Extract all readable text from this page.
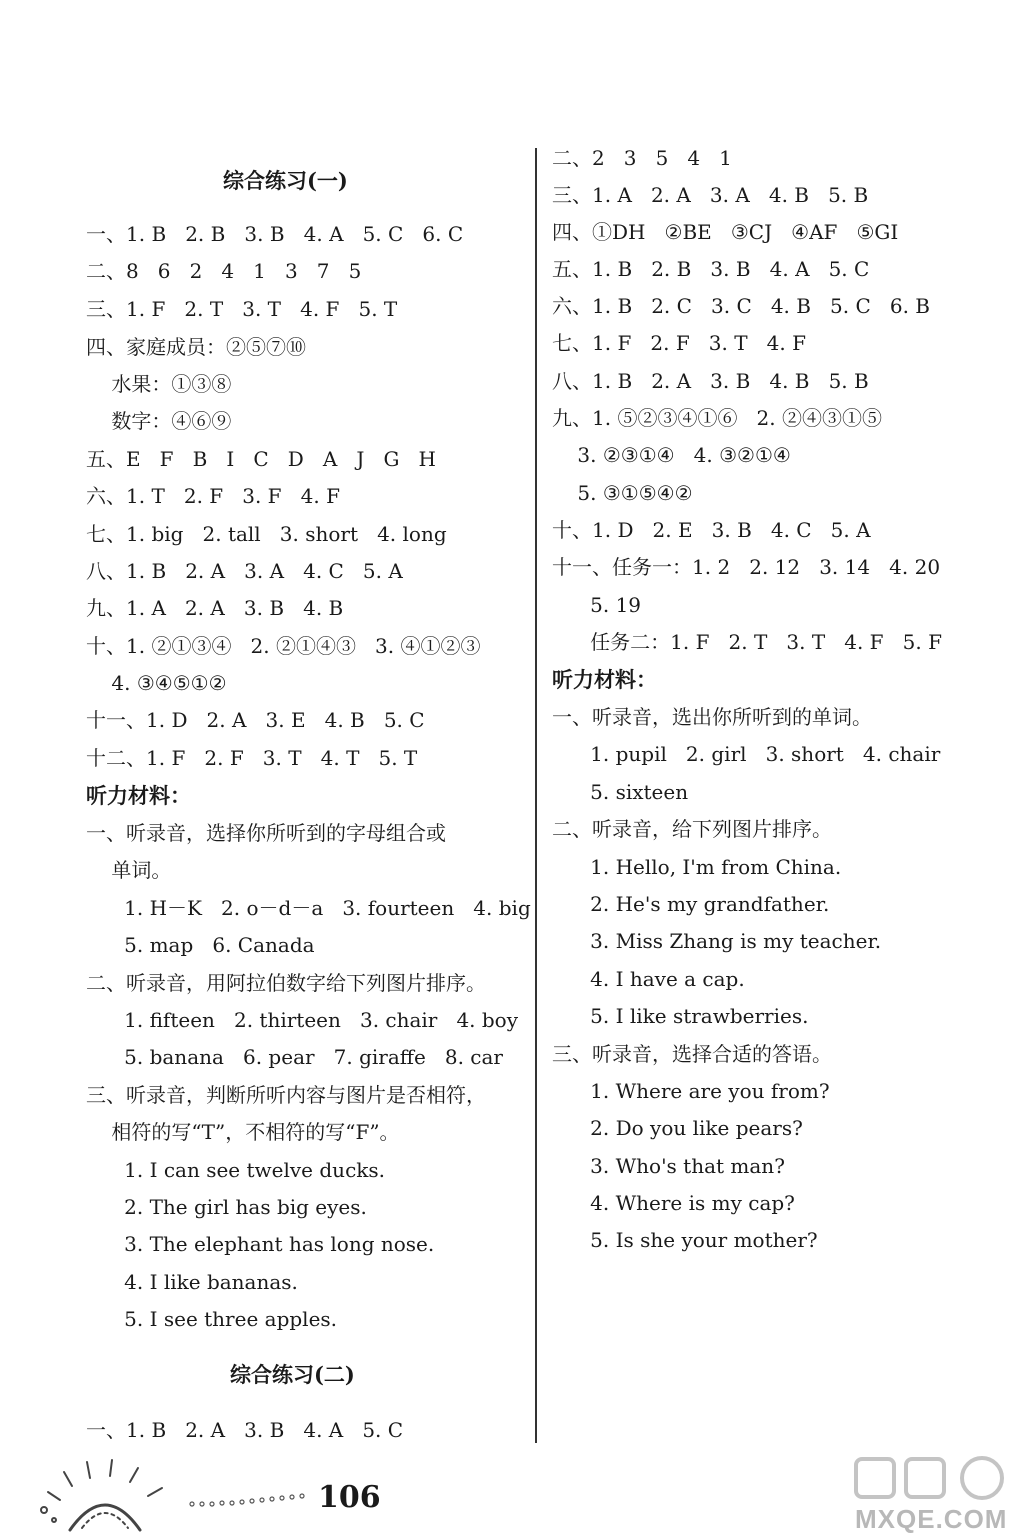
综合练习(一)
一、1. B   2. B   3. B   4. A   5. C   6. C
二、8   6   2   4   1   3   7   5
三、1. F   2. T   3. T   4. F   5. T
四、家庭成员：②⑤⑦⑩
水果：①③⑧
数字：④⑥⑨
五、E   F   B   I   C   D   A   J   G   H
六、1. T   2. F   3. F   4. F
七、1. big   2. tall   3. short   4. long
八、1. B   2. A   3. A   4. C   5. A
九、1. A   2. A   3. B   4. B
十、1. ②①③④   2. ②①④③   3. ④①②③
4. ③④⑤①②
十一、1. D   2. A   3. E   4. B   5. C
十二、1. F   2. F   3. T   4. T   5. T
听力材料：
一、听录音，选择你所听到的字母组合或
单词。
1. H－K   2. o－d－a   3. fourteen   4. big
5. map   6. Canada
二、听录音，用阿拉伯数字给下列图片排序。
1. fifteen   2. thirteen   3. chair   4. boy
5. banana   6. pear   7. giraffe   8. car
三、听录音，判断所听内容与图片是否相符，
相符的写“T”，不相符的写“F”。
1. I can see twelve ducks.
2. The girl has big eyes.
3. The elephant has long nose.
4. I like bananas.
5. I see three apples.
综合练习(二)
一、1. B   2. A   3. B   4. A   5. C
二、2   3   5   4   1
三、1. A   2. A   3. A   4. B   5. B
四、①DH   ②BE   ③CJ   ④AF   ⑤GI
五、1. B   2. B   3. B   4. A   5. C
六、1. B   2. C   3. C   4. B   5. C   6. B
七、1. F   2. F   3. T   4. F
八、1. B   2. A   3. B   4. B   5. B
九、1. ⑤②③④①⑥   2. ②④③①⑤
3. ②③①④   4. ③②①④
5. ③①⑤④②
十、1. D   2. E   3. B   4. C   5. A
十一、任务一：1. 2   2. 12   3. 14   4. 20
5. 19
任务二：1. F   2. T   3. T   4. F   5. F
听力材料：
一、听录音，选出你所听到的单词。
1. pupil   2. girl   3. short   4. chair
5. sixteen
二、听录音，给下列图片排序。
1. Hello, I'm from China.
2. He's my grandfather.
3. Miss Zhang is my teacher.
4. I have a cap.
5. I like strawberries.
三、听录音，选择合适的答语。
1. Where are you from?
2. Do you like pears?
3. Who's that man?
4. Where is my cap?
5. Is she your mother?
106
MXQE.COM
